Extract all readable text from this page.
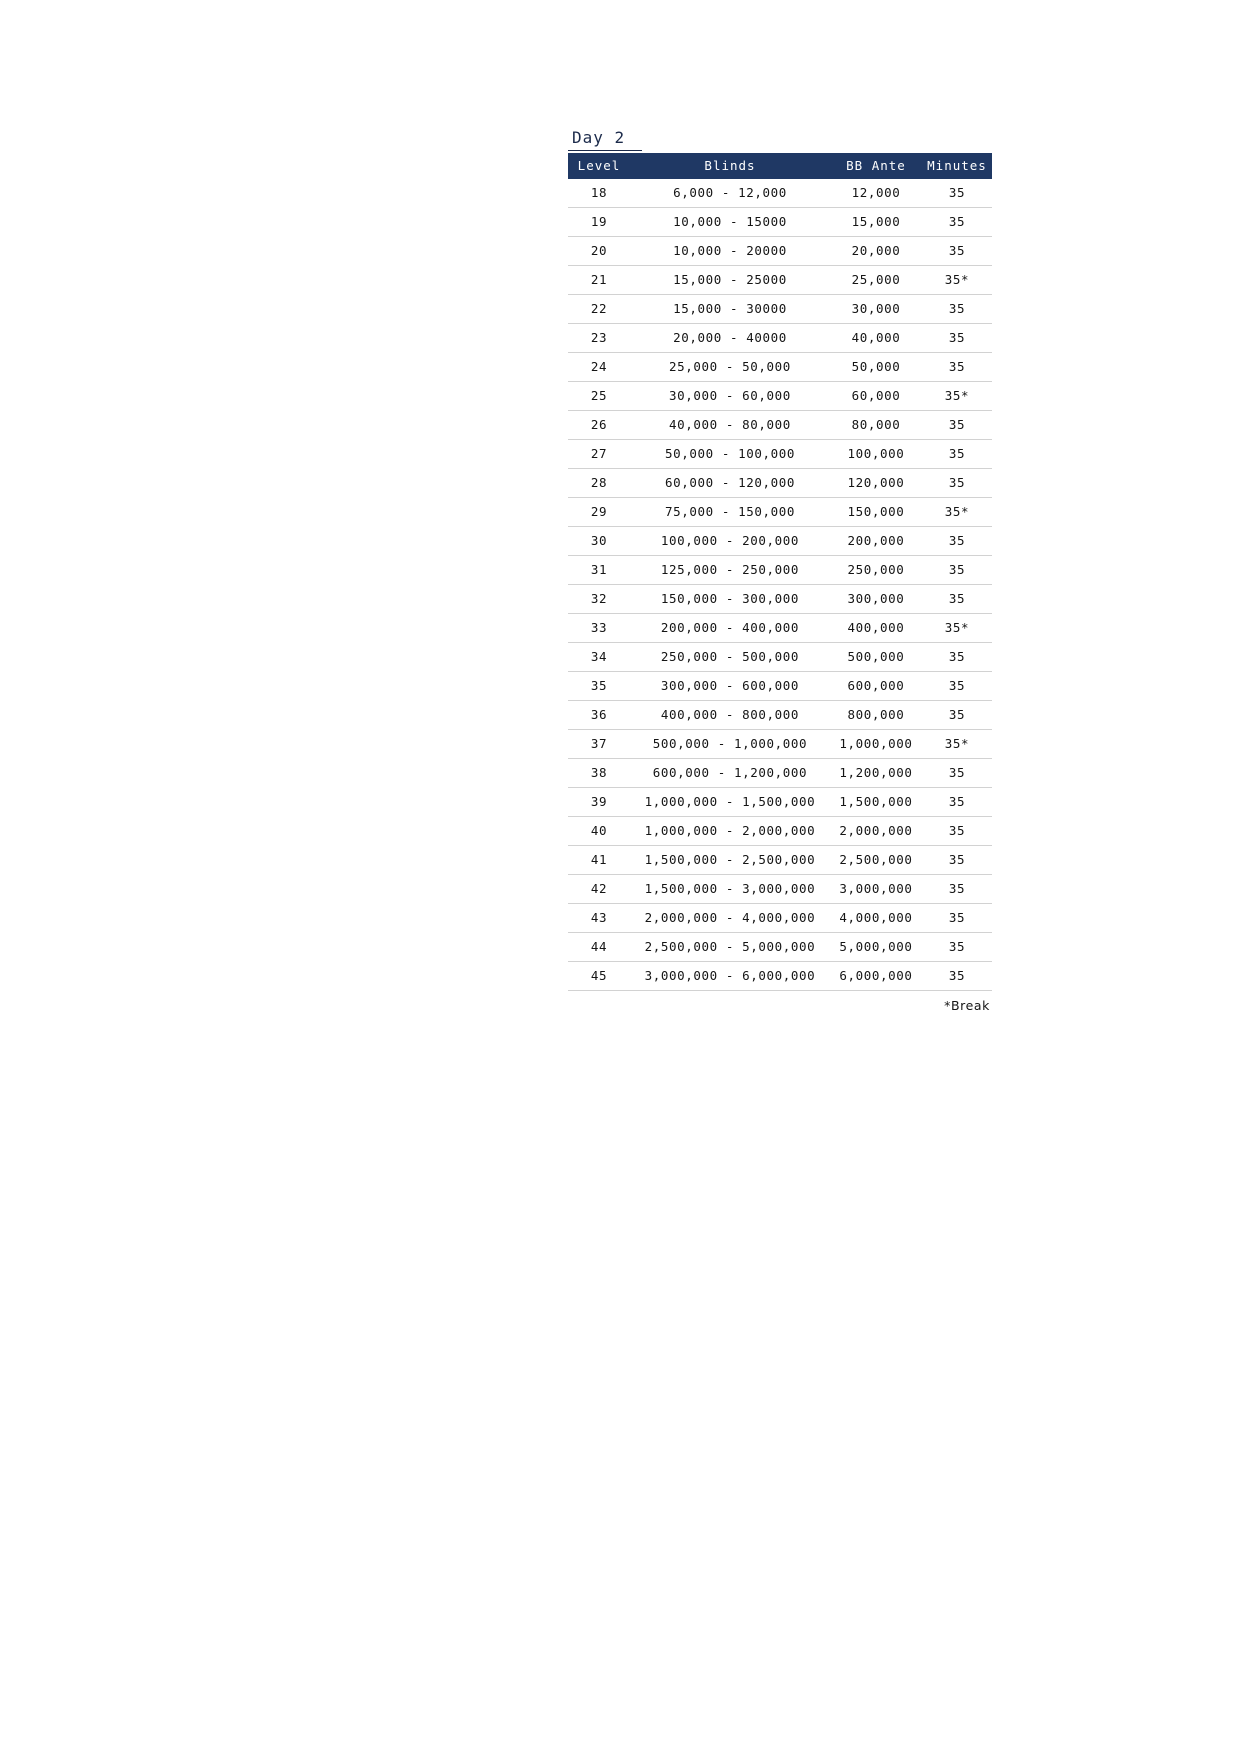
Day 2
Level	Blinds	BB Ante	Minutes
18	6,000 - 12,000	12,000	35
19	10,000 - 15000	15,000	35
20	10,000 - 20000	20,000	35
21	15,000 - 25000	25,000	35*
22	15,000 - 30000	30,000	35
23	20,000 - 40000	40,000	35
24	25,000 - 50,000	50,000	35
25	30,000 - 60,000	60,000	35*
26	40,000 - 80,000	80,000	35
27	50,000 - 100,000	100,000	35
28	60,000 - 120,000	120,000	35
29	75,000 - 150,000	150,000	35*
30	100,000 - 200,000	200,000	35
31	125,000 - 250,000	250,000	35
32	150,000 - 300,000	300,000	35
33	200,000 - 400,000	400,000	35*
34	250,000 - 500,000	500,000	35
35	300,000 - 600,000	600,000	35
36	400,000 - 800,000	800,000	35
37	500,000 - 1,000,000	1,000,000	35*
38	600,000 - 1,200,000	1,200,000	35
39	1,000,000 - 1,500,000	1,500,000	35
40	1,000,000 - 2,000,000	2,000,000	35
41	1,500,000 - 2,500,000	2,500,000	35
42	1,500,000 - 3,000,000	3,000,000	35
43	2,000,000 - 4,000,000	4,000,000	35
44	2,500,000 - 5,000,000	5,000,000	35
45	3,000,000 - 6,000,000	6,000,000	35
*Break
